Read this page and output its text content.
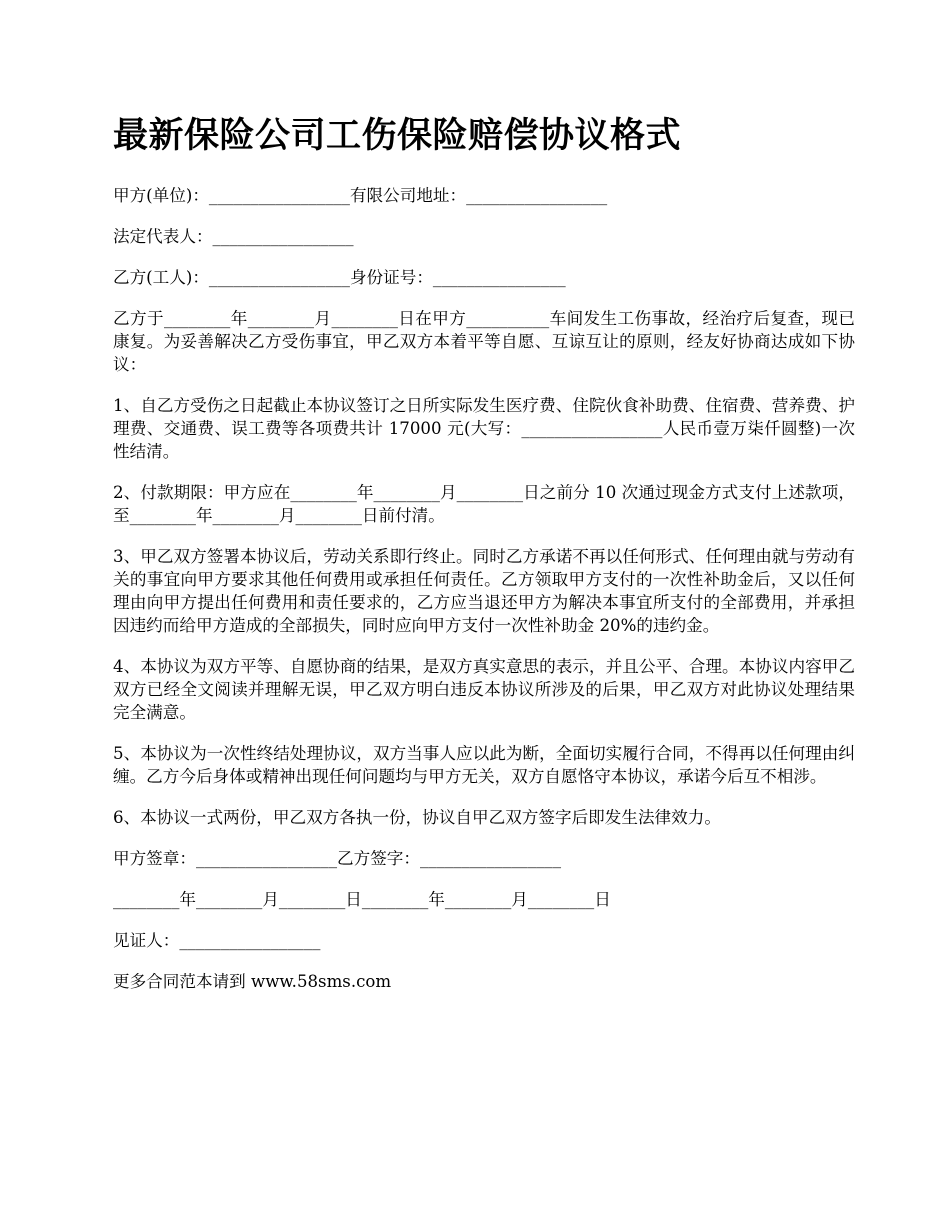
最新保险公司工伤保险赔偿协议格式

甲方(单位)：_________________有限公司地址：_________________

法定代表人：_________________

乙方(工人)：_________________身份证号：________________

乙方于________年________月________日在甲方__________车间发生工伤事故，经治疗后复查，现已康复。为妥善解决乙方受伤事宜，甲乙双方本着平等自愿、互谅互让的原则，经友好协商达成如下协议：

1、自乙方受伤之日起截止本协议签订之日所实际发生医疗费、住院伙食补助费、住宿费、营养费、护理费、交通费、误工费等各项费共计 17000 元(大写：_________________人民币壹万柒仟圆整)一次性结清。

2、付款期限：甲方应在________年________月________日之前分 10 次通过现金方式支付上述款项，至________年________月________日前付清。

3、甲乙双方签署本协议后，劳动关系即行终止。同时乙方承诺不再以任何形式、任何理由就与劳动有关的事宜向甲方要求其他任何费用或承担任何责任。乙方领取甲方支付的一次性补助金后，又以任何理由向甲方提出任何费用和责任要求的，乙方应当退还甲方为解决本事宜所支付的全部费用，并承担因违约而给甲方造成的全部损失，同时应向甲方支付一次性补助金 20%的违约金。

4、本协议为双方平等、自愿协商的结果，是双方真实意思的表示，并且公平、合理。本协议内容甲乙双方已经全文阅读并理解无误，甲乙双方明白违反本协议所涉及的后果，甲乙双方对此协议处理结果完全满意。

5、本协议为一次性终结处理协议，双方当事人应以此为断，全面切实履行合同，不得再以任何理由纠缠。乙方今后身体或精神出现任何问题均与甲方无关，双方自愿恪守本协议，承诺今后互不相涉。

6、本协议一式两份，甲乙双方各执一份，协议自甲乙双方签字后即发生法律效力。

甲方签章：_________________乙方签字：_________________

________年________月________日________年________月________日

见证人：_________________

更多合同范本请到 www.58sms.com
